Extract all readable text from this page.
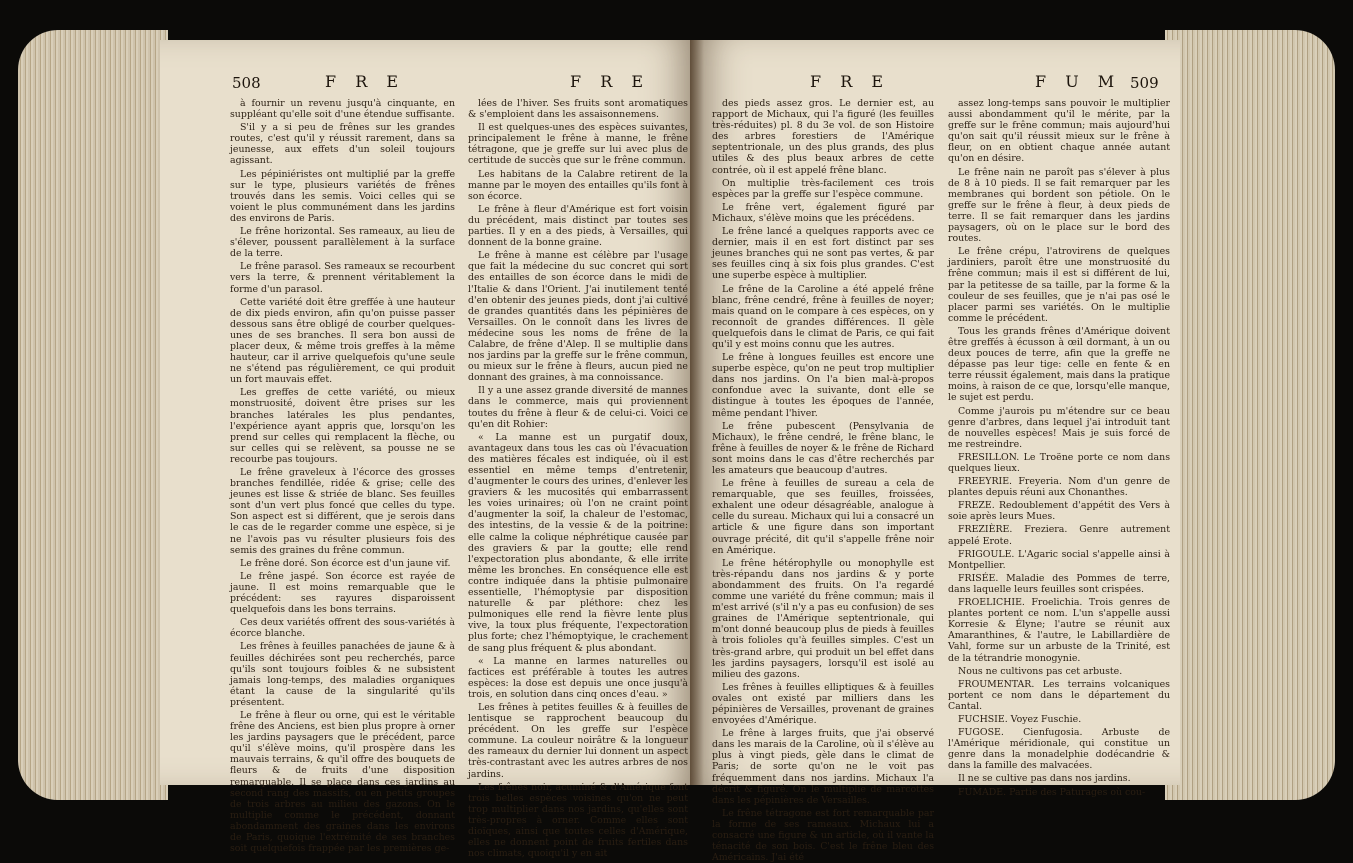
508	F R E	F R E

à fournir un revenu jusqu'à cinquante, en suppléant qu'elle soit d'une étendue suffisante.

S'il y a si peu de frênes sur les grandes routes, c'est qu'il y réussit rarement, dans sa jeunesse, aux effets d'un soleil toujours agissant.

Les pépiniéristes ont multiplié par la greffe sur le type, plusieurs variétés de frênes trouvés dans les semis. Voici celles qui se voient le plus communément dans les jardins des environs de Paris.

Le frêne horizontal. Ses rameaux, au lieu de s'élever, poussent parallèlement à la surface de la terre.

Le frêne parasol. Ses rameaux se recourbent vers la terre, & prennent véritablement la forme d'un parasol.

Cette variété doit être greffée à une hauteur de dix pieds environ, afin qu'on puisse passer dessous sans être obligé de courber quelques-unes de ses branches. Il sera bon aussi de placer deux, & même trois greffes à la même hauteur, car il arrive quelquefois qu'une seule ne s'étend pas régulièrement, ce qui produit un fort mauvais effet.

Les greffes de cette variété, ou mieux monstruosité, doivent être prises sur les branches latérales les plus pendantes, l'expérience ayant appris que, lorsqu'on les prend sur celles qui remplacent la flèche, ou sur celles qui se relèvent, sa pousse ne se recourbe pas toujours.

Le frêne graveleux à l'écorce des grosses branches fendillée, ridée & grise; celle des jeunes est lisse & striée de blanc. Ses feuilles sont d'un vert plus foncé que celles du type. Son aspect est si différent, que je serois dans le cas de le regarder comme une espèce, si je ne l'avois pas vu résulter plusieurs fois des semis des graines du frêne commun.

Le frêne doré. Son écorce est d'un jaune vif.

Le frêne jaspé. Son écorce est rayée de jaune. Il est moins remarquable que le précédent: ses rayures disparoissent quelquefois dans les bons terrains.

Ces deux variétés offrent des sous-variétés à écorce blanche.

Les frênes à feuilles panachées de jaune & à feuilles déchirées sont peu recherchés, parce qu'ils sont toujours foibles & ne subsistent jamais long-temps, des maladies organiques étant la cause de la singularité qu'ils présentent.

Le frêne à fleur ou orne, qui est le véritable frêne des Anciens, est bien plus propre à orner les jardins paysagers que le précédent, parce qu'il s'élève moins, qu'il prospère dans les mauvais terrains, & qu'il offre des bouquets de fleurs & de fruits d'une disposition remarquable. Il se place dans ces jardins au second rang des massifs, ou en petits groupes de trois arbres au milieu des gazons. On le multiplie comme le précédent, donnant abondamment des graines dans les environs de Paris, quoique l'extrémité de ses branches soit quelquefois frappée par les premières ge-

lées de l'hiver. Ses fruits sont aromatiques & s'emploient dans les assaisonnemens.

Il est quelques-unes des espèces suivantes, principalement le frêne à manne, le frêne tétragone, que je greffe sur lui avec plus de certitude de succès que sur le frêne commun.

Les habitans de la Calabre retirent de la manne par le moyen des entailles qu'ils font à son écorce.

Le frêne à fleur d'Amérique est fort voisin du précédent, mais distinct par toutes ses parties. Il y en a des pieds, à Versailles, qui donnent de la bonne graine.

Le frêne à manne est célèbre par l'usage que fait la médecine du suc concret qui sort des entailles de son écorce dans le midi de l'Italie & dans l'Orient. J'ai inutilement tenté d'en obtenir des jeunes pieds, dont j'ai cultivé de grandes quantités dans les pépinières de Versailles. On le connoît dans les livres de médecine sous les noms de frêne de la Calabre, de frêne d'Alep. Il se multiplie dans nos jardins par la greffe sur le frêne commun, ou mieux sur le frêne à fleurs, aucun pied ne donnant des graines, à ma connoissance.

Il y a une assez grande diversité de mannes dans le commerce, mais qui proviennent toutes du frêne à fleur & de celui-ci. Voici ce qu'en dit Rohier:

« La manne est un purgatif doux, avantageux dans tous les cas où l'évacuation des matières fécales est indiquée, où il est essentiel en même temps d'entretenir, d'augmenter le cours des urines, d'enlever les graviers & les mucosités qui embarrassent les voies urinaires; où l'on ne craint point d'augmenter la soif, la chaleur de l'estomac, des intestins, de la vessie & de la poitrine: elle calme la colique néphrétique causée par des graviers & par la goutte; elle rend l'expectoration plus abondante, & elle irrite même les bronches. En conséquence elle est contre indiquée dans la phtisie pulmonaire essentielle, l'hémoptysie par disposition naturelle & par pléthore: chez les pulmoniques elle rend la fièvre lente plus vive, la toux plus fréquente, l'expectoration plus forte; chez l'hémoptyique, le crachement de sang plus fréquent & plus abondant.

« La manne en larmes naturelles ou factices est préférable à toutes les autres espèces: la dose est depuis une once jusqu'à trois, en solution dans cinq onces d'eau. »

Les frênes à petites feuilles & à feuilles de lentisque se rapprochent beaucoup du précédent. On les greffe sur l'espèce commune. La couleur noirâtre & la longueur des rameaux du dernier lui donnent un aspect très-contrastant avec les autres arbres de nos jardins.

Les frênes noir, acuminé & d'Amérique font trois belles espèces voisines qu'on ne peut trop multiplier dans nos jardins, qu'elles sont très-propres à orner. Comme elles sont dioïques, ainsi que toutes celles d'Amérique, elles ne donnent point de fruits fertiles dans nos climats, quoiqu'il y en ait

F R E	F U M 509

des pieds assez gros. Le dernier est, au rapport de Michaux, qui l'a figuré (les feuilles très-réduites) pl. 8 du 3e vol. de son Histoire des arbres forestiers de l'Amérique septentrionale, un des plus grands, des plus utiles & des plus beaux arbres de cette contrée, où il est appelé frêne blanc.

On multiplie très-facilement ces trois espèces par la greffe sur l'espèce commune.

Le frêne vert, également figuré par Michaux, s'élève moins que les précédens.

Le frêne lancé a quelques rapports avec ce dernier, mais il en est fort distinct par ses jeunes branches qui ne sont pas vertes, & par ses feuilles cinq à six fois plus grandes. C'est une superbe espèce à multiplier.

Le frêne de la Caroline a été appelé frêne blanc, frêne cendré, frêne à feuilles de noyer; mais quand on le compare à ces espèces, on y reconnoît de grandes différences. Il gèle quelquefois dans le climat de Paris, ce qui fait qu'il y est moins connu que les autres.

Le frêne à longues feuilles est encore une superbe espèce, qu'on ne peut trop multiplier dans nos jardins. On l'a bien mal-à-propos confondue avec la suivante, dont elle se distingue à toutes les époques de l'année, même pendant l'hiver.

Le frêne pubescent (Pensylvania de Michaux), le frêne cendré, le frêne blanc, le frêne à feuilles de noyer & le frêne de Richard sont moins dans le cas d'être recherchés par les amateurs que beaucoup d'autres.

Le frêne à feuilles de sureau a cela de remarquable, que ses feuilles, froissées, exhalent une odeur désagréable, analogue à celle du sureau. Michaux qui lui a consacré un article & une figure dans son important ouvrage précité, dit qu'il s'appelle frêne noir en Amérique.

Le frêne hétérophylle ou monophylle est très-répandu dans nos jardins & y porte abondamment des fruits. On l'a regardé comme une variété du frêne commun; mais il m'est arrivé (s'il n'y a pas eu confusion) de ses graines de l'Amérique septentrionale, qui m'ont donné beaucoup plus de pieds à feuilles à trois folioles qu'à feuilles simples. C'est un très-grand arbre, qui produit un bel effet dans les jardins paysagers, lorsqu'il est isolé au milieu des gazons.

Les frênes à feuilles elliptiques & à feuilles ovales ont existé par milliers dans les pépinières de Versailles, provenant de graines envoyées d'Amérique.

Le frêne à larges fruits, que j'ai observé dans les marais de la Caroline, où il s'élève au plus à vingt pieds, gèle dans le climat de Paris; de sorte qu'on ne le voit pas fréquemment dans nos jardins. Michaux l'a décrit & figuré. On le multiplie de marcottes dans les pépinières de Versailles.

Le frêne tétragone est fort remarquable par la forme de ses rameaux. Michaux lui a consacré une figure & un article, où il vante la ténacité de son bois. C'est le frêne bleu des Américains. J'ai été

assez long-temps sans pouvoir le multiplier aussi abondamment qu'il le mérite, par la greffe sur le frêne commun; mais aujourd'hui qu'on sait qu'il réussit mieux sur le frêne à fleur, on en obtient chaque année autant qu'on en désire.

Le frêne nain ne paroît pas s'élever à plus de 8 à 10 pieds. Il se fait remarquer par les membranes qui bordent son pétiole. On le greffe sur le frêne à fleur, à deux pieds de terre. Il se fait remarquer dans les jardins paysagers, où on le place sur le bord des routes.

Le frêne crépu, l'atrovirens de quelques jardiniers, paroît être une monstruosité du frêne commun; mais il est si différent de lui, par la petitesse de sa taille, par la forme & la couleur de ses feuilles, que je n'ai pas osé le placer parmi ses variétés. On le multiplie comme le précédent.

Tous les grands frênes d'Amérique doivent être greffés à écusson à œil dormant, à un ou deux pouces de terre, afin que la greffe ne dépasse pas leur tige: celle en fente & en terre réussit également, mais dans la pratique moins, à raison de ce que, lorsqu'elle manque, le sujet est perdu.

Comme j'aurois pu m'étendre sur ce beau genre d'arbres, dans lequel j'ai introduit tant de nouvelles espèces! Mais je suis forcé de me restreindre.

FRESILLON. Le Troëne porte ce nom dans quelques lieux.

FREEYRIE. Freyeria. Nom d'un genre de plantes depuis réuni aux Chonanthes.

FREZE. Redoublement d'appétit des Vers à soie après leurs Mues.

FREZIÈRE. Freziera. Genre autrement appelé Erote.

FRIGOULE. L'Agaric social s'appelle ainsi à Montpellier.

FRISÉE. Maladie des Pommes de terre, dans laquelle leurs feuilles sont crispées.

FROELICHIE. Froelichia. Trois genres de plantes portent ce nom. L'un s'appelle aussi Korresie & Élyne; l'autre se réunit aux Amaranthines, & l'autre, le Labillardière de Vahl, forme sur un arbuste de la Trinité, est de la tétrandrie monogynie.

Nous ne cultivons pas cet arbuste.

FROUMENTAR. Les terrains volcaniques portent ce nom dans le département du Cantal.

FUCHSIE. Voyez Fuschie.

FUGOSE. Cienfugosia. Arbuste de l'Amérique méridionale, qui constitue un genre dans la monadelphie dodécandrie & dans la famille des malvacées.

Il ne se cultive pas dans nos jardins.

FUMADE. Partie des Paturages où cou-
